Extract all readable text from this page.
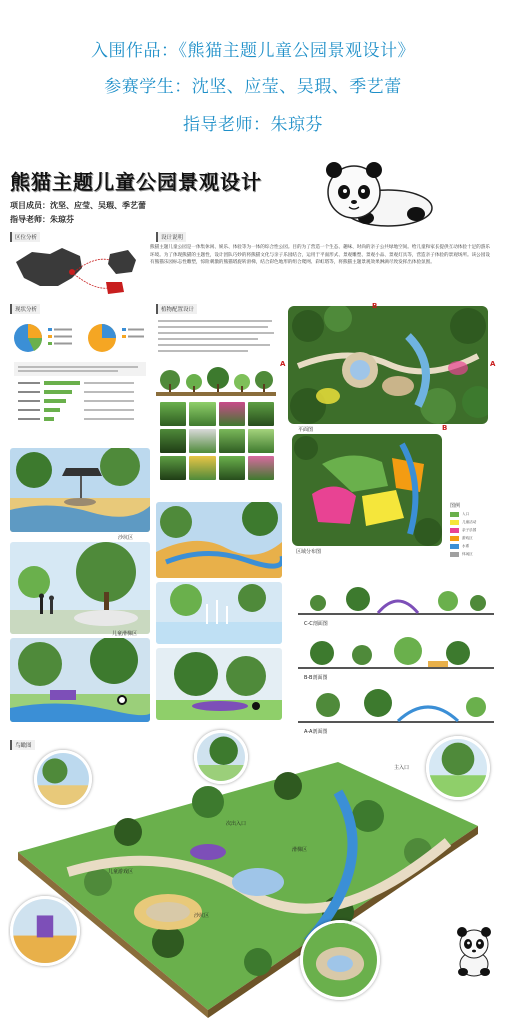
入围作品：《熊猫主题儿童公园景观设计》
参赛学生：沈坚、应莹、吴瑕、季艺蕾
指导老师：朱琼芬
熊猫主题儿童公园景观设计
项目成员：沈坚、应莹、吴瑕、季艺蕾
指导老师：朱琼芬
区位分析	设计说明
熊猫主题儿童公园是一体集休闲、娱乐、体验等为一体的综合性公园。目的为了营造一个生态、趣味、时尚的亲子公共绿地空间。给儿童和家长提供互动体验十足的游乐环境。为了体现熊猫的主题性，设计团队巧妙的将熊猫文化与亲子乐园结合，运用于平面形式、景观雕塑、景观小品、景观灯具等，营造亲子体验的景观场所。该公园设有熊猫乐园标志性雕塑，惊险刺激的熊猫塔旋转滑梯，结合彩色地形的组合爬网、彩虹塔等，将熊猫主题景观效果淋漓尽致发挥出体验氛围。
现状分析	植物配置设计
A	A
B
B
平面图
图例
入口
儿童活动
亲子乐园
游戏区
水系
休闲区
区域分布图
沙坑区
儿童滑梯区
C-C剖面图
B-B剖面图
A-A剖面图
鸟瞰图
主入口
次出入口
沙坑区
儿童游戏区
滑梯区
